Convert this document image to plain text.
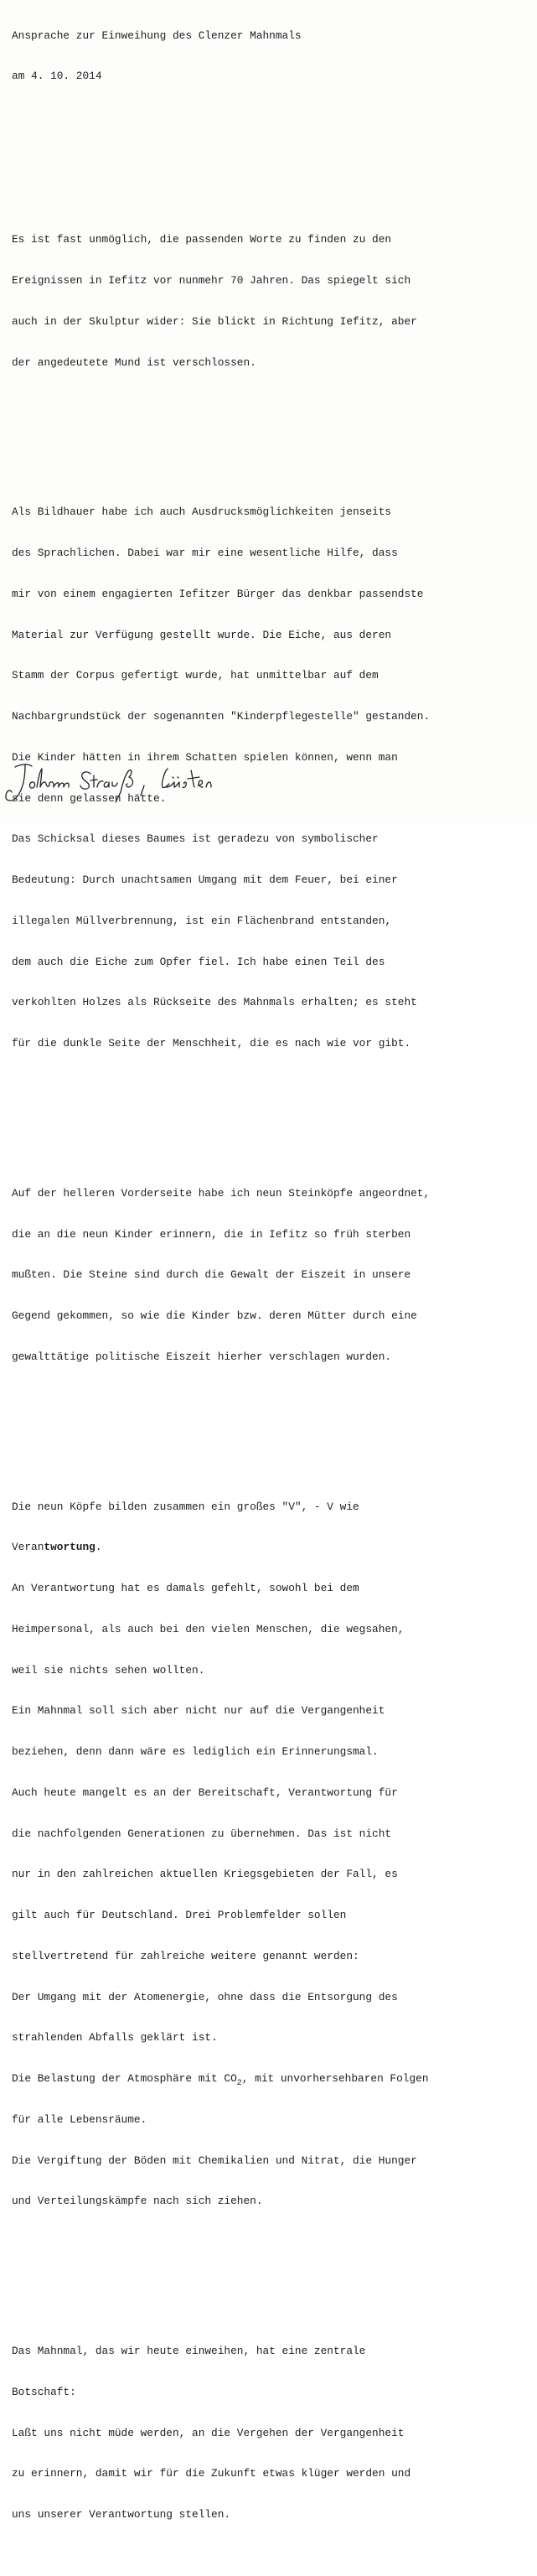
Ansprache zur Einweihung des Clenzer Mahnmals

am 4. 10. 2014

Es ist fast unmöglich, die passenden Worte zu finden zu den

Ereignissen in Iefitz vor nunmehr 70 Jahren. Das spiegelt sich

auch in der Skulptur wider: Sie blickt in Richtung Iefitz, aber

der angedeutete Mund ist verschlossen.

Als Bildhauer habe ich auch Ausdrucksmöglichkeiten jenseits

des Sprachlichen. Dabei war mir eine wesentliche Hilfe, dass

mir von einem engagierten Iefitzer Bürger das denkbar passendste

Material zur Verfügung gestellt wurde. Die Eiche, aus deren

Stamm der Corpus gefertigt wurde, hat unmittelbar auf dem

Nachbargrundstück der sogenannten "Kinderpflegestelle" gestanden.

Die Kinder hätten in ihrem Schatten spielen können, wenn man

sie denn gelassen hätte.

Das Schicksal dieses Baumes ist geradezu von symbolischer

Bedeutung: Durch unachtsamen Umgang mit dem Feuer, bei einer

illegalen Müllverbrennung, ist ein Flächenbrand entstanden,

dem auch die Eiche zum Opfer fiel. Ich habe einen Teil des

verkohlten Holzes als Rückseite des Mahnmals erhalten; es steht

für die dunkle Seite der Menschheit, die es nach wie vor gibt.

Auf der helleren Vorderseite habe ich neun Steinköpfe angeordnet,

die an die neun Kinder erinnern, die in Iefitz so früh sterben

mußten. Die Steine sind durch die Gewalt der Eiszeit in unsere

Gegend gekommen, so wie die Kinder bzw. deren Mütter durch eine

gewalttätige politische Eiszeit hierher verschlagen wurden.

Die neun Köpfe bilden zusammen ein großes "V", - V wie

Verantwortung.

An Verantwortung hat es damals gefehlt, sowohl bei dem

Heimpersonal, als auch bei den vielen Menschen, die wegsahen,

weil sie nichts sehen wollten.

Ein Mahnmal soll sich aber nicht nur auf die Vergangenheit

beziehen, denn dann wäre es lediglich ein Erinnerungsmal.

Auch heute mangelt es an der Bereitschaft, Verantwortung für

die nachfolgenden Generationen zu übernehmen. Das ist nicht

nur in den zahlreichen aktuellen Kriegsgebieten der Fall, es

gilt auch für Deutschland. Drei Problemfelder sollen

stellvertretend für zahlreiche weitere genannt werden:

Der Umgang mit der Atomenergie, ohne dass die Entsorgung des

strahlenden Abfalls geklärt ist.

Die Belastung der Atmosphäre mit $CO_2$, mit unvorhersehbaren Folgen

für alle Lebensräume.

Die Vergiftung der Böden mit Chemikalien und Nitrat, die Hunger

und Verteilungskämpfe nach sich ziehen.

Das Mahnmal, das wir heute einweihen, hat eine zentrale

Botschaft:

Laßt uns nicht müde werden, an die Vergehen der Vergangenheit

zu erinnern, damit wir für die Zukunft etwas klüger werden und

uns unserer Verantwortung stellen.
